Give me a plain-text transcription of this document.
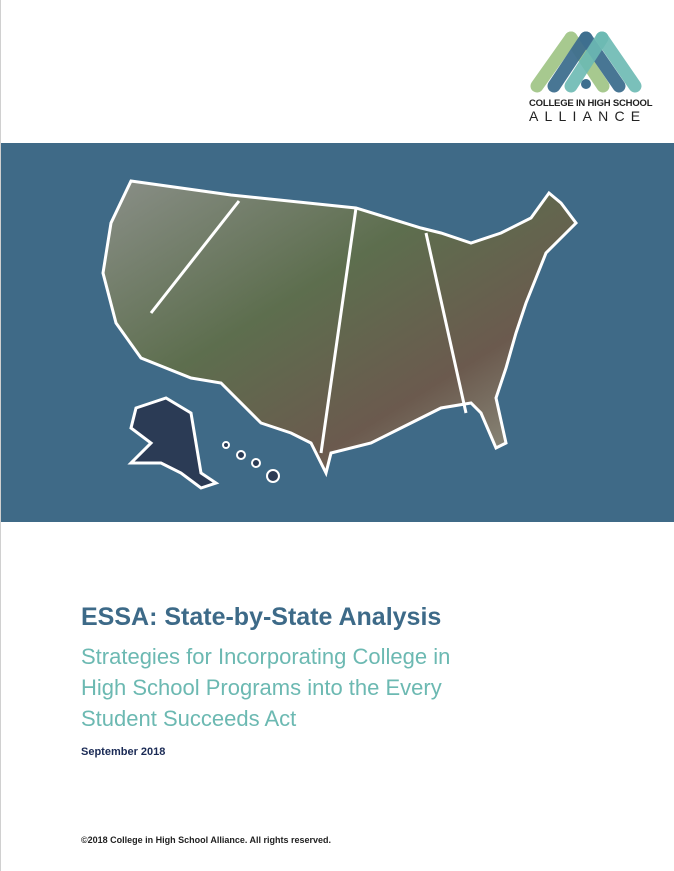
COLLEGE IN HIGH SCHOOL
ALLIANCE
ESSA: State-by-State Analysis
Strategies for Incorporating College in High School Programs into the Every Student Succeeds Act
September 2018
©2018 College in High School Alliance. All rights reserved.
